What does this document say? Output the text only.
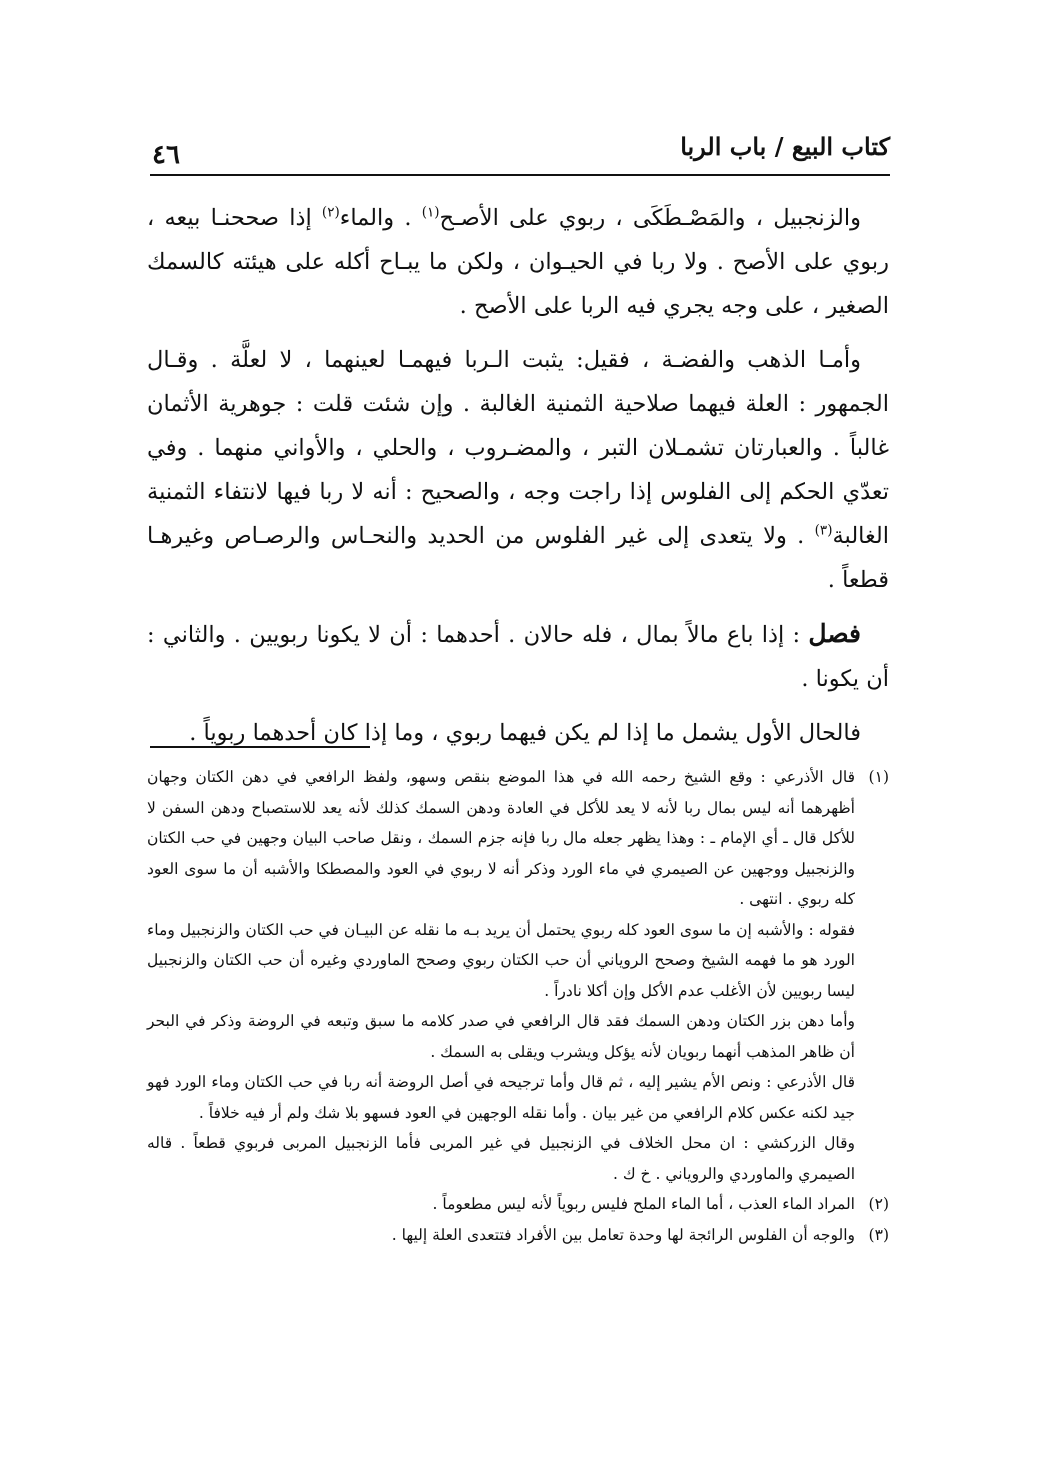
كتاب البيع / باب الربا
٤٦

والزنجبيل ، والمَصْـطَكَى ، ربوي على الأصـح$^{(١)}$ . والماء$^{(٢)}$ إذا صححنـا بيعه ، ربوي على الأصح . ولا ربا في الحيـوان ، ولكن ما يبـاح أكله على هيئته كالسمك الصغير ، على وجه يجري فيه الربا على الأصح .

وأمـا الذهب والفضـة ، فقيل: يثبت الـربا فيهمـا لعينهما ، لا لعلَّة . وقـال الجمهور : العلة فيهما صلاحية الثمنية الغالبة . وإن شئت قلت : جوهرية الأثمان غالباً . والعبارتان تشمـلان التبر ، والمضـروب ، والحلي ، والأواني منهما . وفي تعدّي الحكم إلى الفلوس إذا راجت وجه ، والصحيح : أنه لا ربا فيها لانتفاء الثمنية الغالبة$^{(٣)}$ . ولا يتعدى إلى غير الفلوس من الحديد والنحـاس والرصـاص وغيرهـا قطعاً .

فصل : إذا باع مالاً بمال ، فله حالان . أحدهما : أن لا يكونا ربويين . والثاني : أن يكونا .

فالحال الأول يشمل ما إذا لم يكن فيهما ربوي ، وما إذا كان أحدهما ربوياً .

(١)
قال الأذرعي : وقع الشيخ رحمه الله في هذا الموضع بنقص وسهو، ولفظ الرافعي في دهن الكتان وجهان أظهرهما أنه ليس بمال ربا لأنه لا يعد للأكل في العادة ودهن السمك كذلك لأنه يعد للاستصباح ودهن السفن لا للأكل قال ـ أي الإمام ـ : وهذا يظهر جعله مال ربا فإنه جزم السمك ، ونقل صاحب البيان وجهين في حب الكتان والزنجبيل ووجهين عن الصيمري في ماء الورد وذكر أنه لا ربوي في العود والمصطكا والأشبه أن ما سوى العود كله ربوي . انتهى .

فقوله : والأشبه إن ما سوى العود كله ربوي يحتمل أن يريد بـه ما نقله عن البيـان في حب الكتان والزنجبيل وماء الورد هو ما فهمه الشيخ وصحح الروياني أن حب الكتان ربوي وصحح الماوردي وغيره أن حب الكتان والزنجبيل ليسا ربويين لأن الأغلب عدم الأكل وإن أكلا نادراً .

وأما دهن بزر الكتان ودهن السمك فقد قال الرافعي في صدر كلامه ما سبق وتبعه في الروضة وذكر في البحر أن ظاهر المذهب أنهما ربويان لأنه يؤكل ويشرب ويقلى به السمك .

قال الأذرعي : ونص الأم يشير إليه ، ثم قال وأما ترجيحه في أصل الروضة أنه ربا في حب الكتان وماء الورد فهو جيد لكنه عكس كلام الرافعي من غير بيان . وأما نقله الوجهين في العود فسهو بلا شك ولم أر فيه خلافاً .

وقال الزركشي : ان محل الخلاف في الزنجبيل في غير المربى فأما الزنجبيل المربى فربوي قطعاً . قاله الصيمري والماوردي والروياني . خ ك .

(٢)
المراد الماء العذب ، أما الماء الملح فليس ربوياً لأنه ليس مطعوماً .

(٣)
والوجه أن الفلوس الرائجة لها وحدة تعامل بين الأفراد فتتعدى العلة إليها .
